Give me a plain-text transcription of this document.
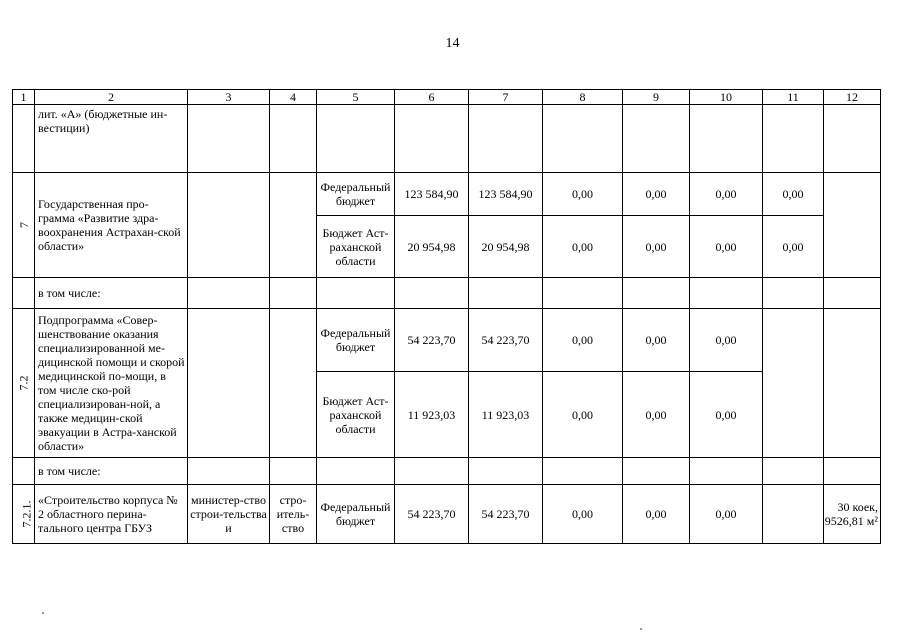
14
1	2	3	4	5	6	7	8	9	10	11	12
	лит. «А» (бюджетные ин-вестиции)										
7	Государственная про-грамма «Развитие здра-воохранения Астрахан-ской области»			Федеральный бюджет	123 584,90	123 584,90	0,00	0,00	0,00	0,00	
				Бюджет Аст-раханской области	20 954,98	20 954,98	0,00	0,00	0,00	0,00	
	в том числе:										
7.2	Подпрограмма «Совер-шенствование оказания специализированной ме-дицинской помощи и скорой медицинской по-мощи, в том числе ско-рой специализирован-ной, а также медицин-ской эвакуации в Астра-ханской области»			Федеральный бюджет	54 223,70	54 223,70	0,00	0,00	0,00		
				Бюджет Аст-раханской области	11 923,03	11 923,03	0,00	0,00	0,00		
	в том числе:										
7.2.1.	«Строительство корпуса № 2 областного перина-тального центра ГБУЗ	министер-ство строи-тельства и	стро-итель-ство	Федеральный бюджет	54 223,70	54 223,70	0,00	0,00	0,00		30 коек, 9526,81 м²
